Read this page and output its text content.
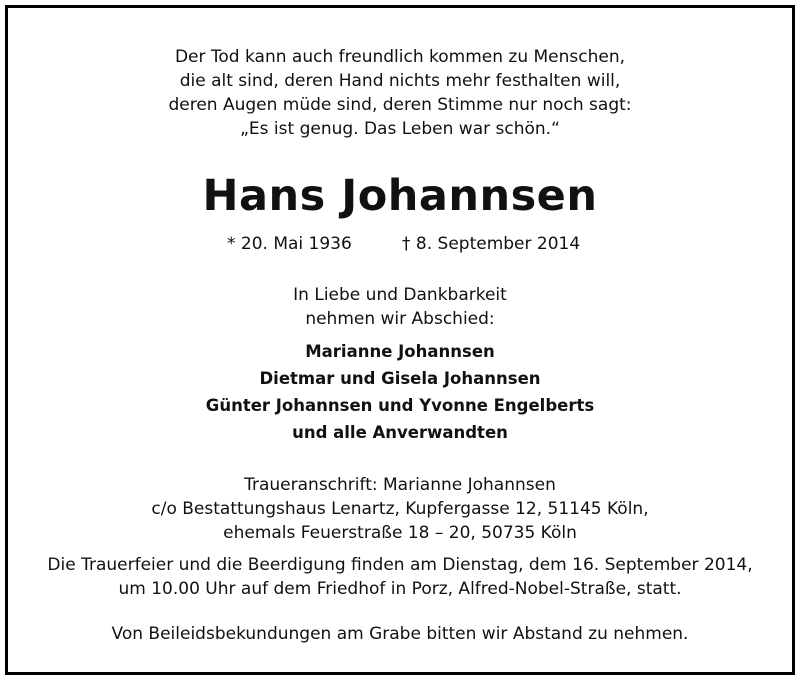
Der Tod kann auch freundlich kommen zu Menschen,
die alt sind, deren Hand nichts mehr festhalten will,
deren Augen müde sind, deren Stimme nur noch sagt:
„Es ist genug. Das Leben war schön.“
Hans Johannsen
* 20. Mai 1936	† 8. September 2014
In Liebe und Dankbarkeit
nehmen wir Abschied:
Marianne Johannsen
Dietmar und Gisela Johannsen
Günter Johannsen und Yvonne Engelberts
und alle Anverwandten
Traueranschrift: Marianne Johannsen
c/o Bestattungshaus Lenartz, Kupfergasse 12, 51145 Köln,
ehemals Feuerstraße 18 – 20, 50735 Köln
Die Trauerfeier und die Beerdigung finden am Dienstag, dem 16. September 2014,
um 10.00 Uhr auf dem Friedhof in Porz, Alfred-Nobel-Straße, statt.
Von Beileidsbekundungen am Grabe bitten wir Abstand zu nehmen.
